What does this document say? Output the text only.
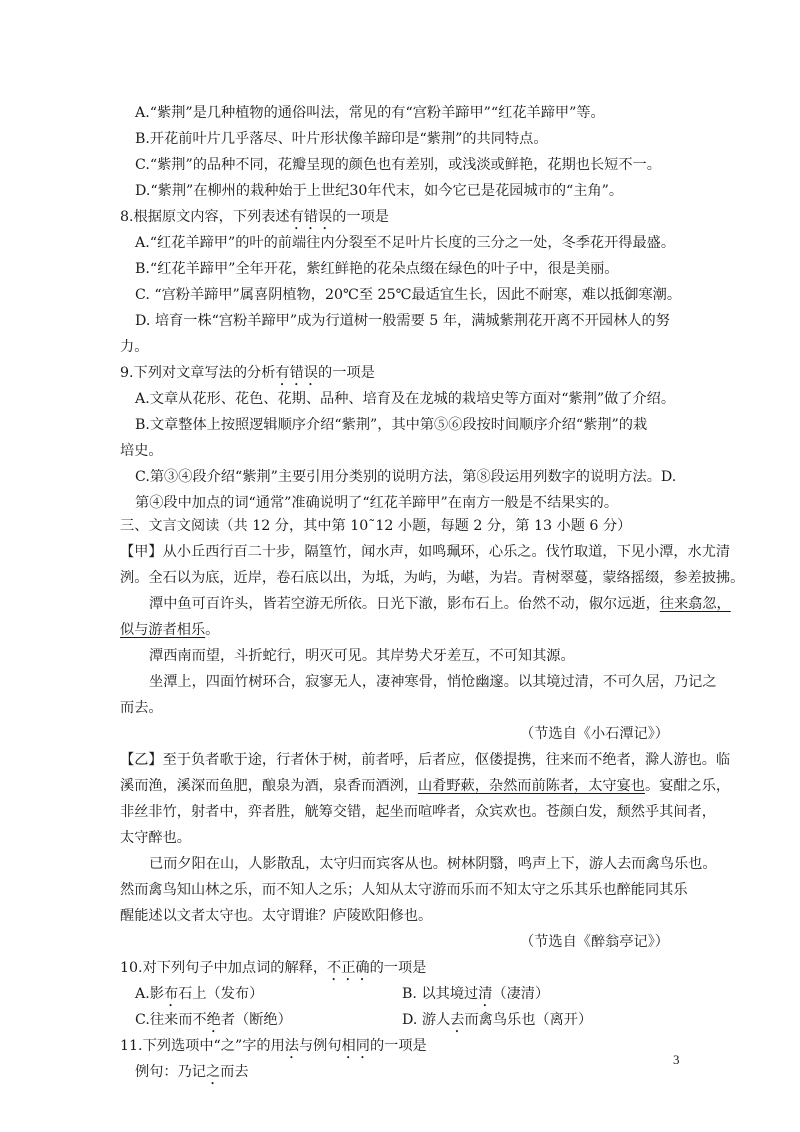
A.“紫荆”是几种植物的通俗叫法，常见的有“宫粉羊蹄甲”“红花羊蹄甲”等。
B.开花前叶片几乎落尽、叶片形状像羊蹄印是“紫荆”的共同特点。
C.“紫荆”的品种不同，花瓣呈现的颜色也有差别，或浅淡或鲜艳，花期也长短不一。
D.“紫荆”在柳州的栽种始于上世纪30年代末，如今它已是花园城市的“主角”。
8.根据原文内容，下列表述有错误的一项是
A.“红花羊蹄甲”的叶的前端往内分裂至不足叶片长度的三分之一处，冬季花开得最盛。
B.“红花羊蹄甲”全年开花，紫红鲜艳的花朵点缀在绿色的叶子中，很是美丽。
C. “宫粉羊蹄甲”属喜阴植物，20℃至 25℃最适宜生长，因此不耐寒，难以抵御寒潮。
D. 培育一株“宫粉羊蹄甲”成为行道树一般需要 5 年，满城紫荆花开离不开园林人的努
力。
9.下列对文章写法的分析有错误的一项是
A.文章从花形、花色、花期、品种、培育及在龙城的栽培史等方面对“紫荆”做了介绍。
B.文章整体上按照逻辑顺序介绍“紫荆”，其中第⑤⑥段按时间顺序介绍“紫荆”的栽
培史。
C.第③④段介绍“紫荆”主要引用分类别的说明方法，第⑧段运用列数字的说明方法。D.
第④段中加点的词“通常”准确说明了“红花羊蹄甲”在南方一般是不结果实的。
三、文言文阅读（共 12 分，其中第 10˜12 小题，每题 2 分，第 13 小题 6 分）
【甲】从小丘西行百二十步，隔篁竹，闻水声，如鸣珮环，心乐之。伐竹取道，下见小潭，水尤清
洌。全石以为底，近岸，卷石底以出，为坻，为屿，为嵁，为岩。青树翠蔓，蒙络摇缀，参差披拂。
潭中鱼可百许头，皆若空游无所依。日光下澈，影布石上。佁然不动，俶尔远逝，往来翕忽，
似与游者相乐。
潭西南而望，斗折蛇行，明灭可见。其岸势犬牙差互，不可知其源。
坐潭上，四面竹树环合，寂寥无人，凄神寒骨，悄怆幽邃。以其境过清，不可久居，乃记之
而去。
（节选自《小石潭记》）
【乙】至于负者歌于途，行者休于树，前者呼，后者应，伛偻提携，往来而不绝者，滁人游也。临
溪而渔，溪深而鱼肥，酿泉为酒，泉香而酒洌，山肴野蔌，杂然而前陈者，太守宴也。宴酣之乐，
非丝非竹，射者中，弈者胜，觥筹交错，起坐而喧哗者，众宾欢也。苍颜白发，颓然乎其间者，
太守醉也。
已而夕阳在山，人影散乱，太守归而宾客从也。树林阴翳，鸣声上下，游人去而禽鸟乐也。
然而禽鸟知山林之乐，而不知人之乐；人知从太守游而乐而不知太守之乐其乐也醉能同其乐
醒能述以文者太守也。太守谓谁？庐陵欧阳修也。
（节选自《醉翁亭记》）
10.对下列句子中加点词的解释，不正确的一项是
A.影布石上（发布）	B. 以其境过清（凄清）
C.往来而不绝者（断绝）	D. 游人去而禽鸟乐也（离开）
11.下列选项中“之”字的用法与例句相同的一项是
例句：乃记之而去
3
